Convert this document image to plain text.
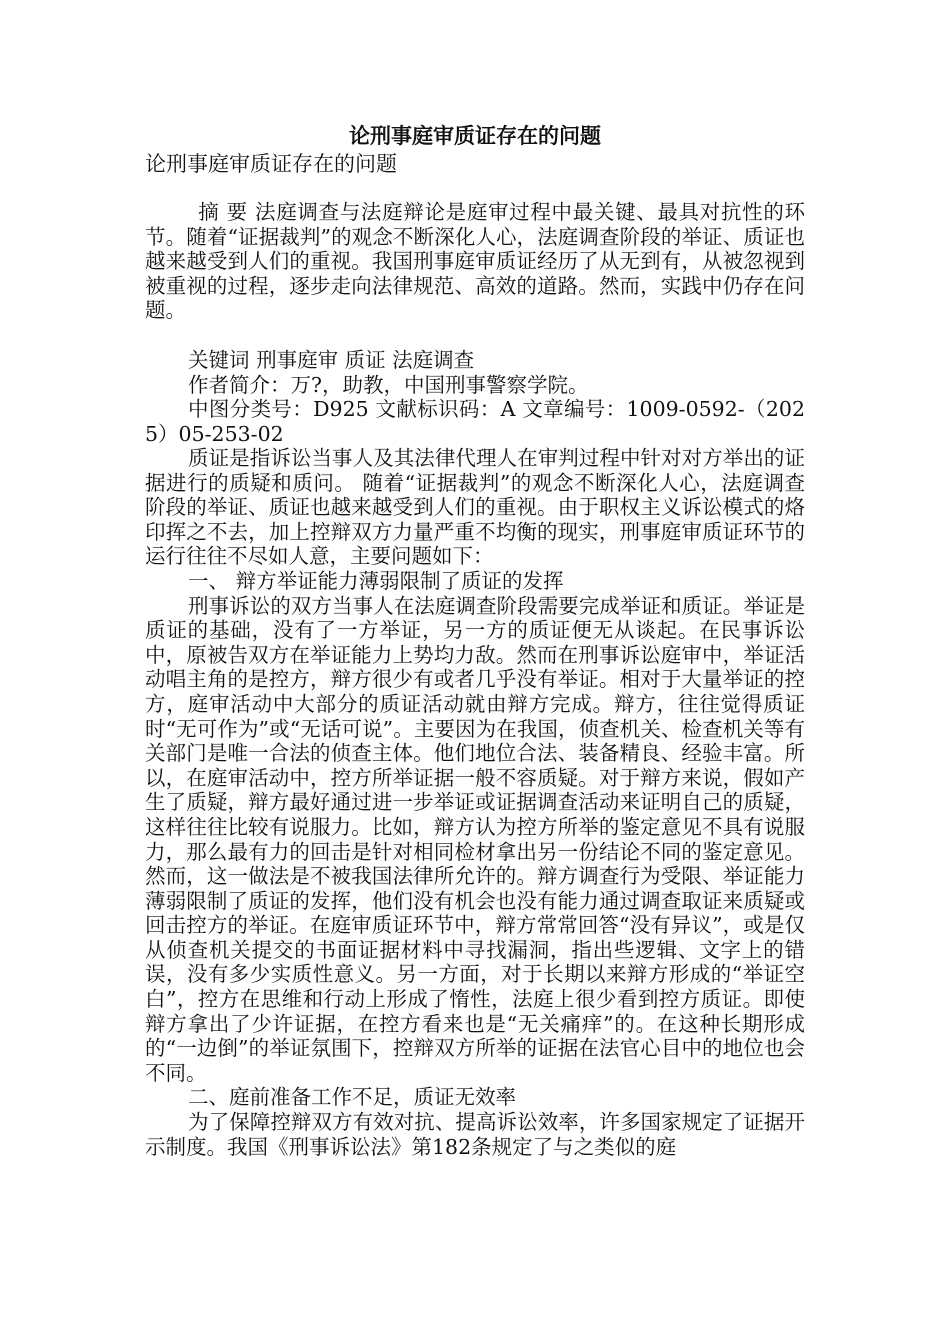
论刑事庭审质证存在的问题
论刑事庭审质证存在的问题
摘 要 法庭调查与法庭辩论是庭审过程中最关键、最具对抗性的环节。随着“证据裁判”的观念不断深化人心，法庭调查阶段的举证、质证也越来越受到人们的重视。我国刑事庭审质证经历了从无到有，从被忽视到被重视的过程，逐步走向法律规范、高效的道路。然而，实践中仍存在问题。

关键词 刑事庭审 质证 法庭调查

作者简介：万?，助教，中国刑事警察学院。

中图分类号：D925 文献标识码：A 文章编号：1009-0592-（2025）05-253-02

质证是指诉讼当事人及其法律代理人在审判过程中针对对方举出的证据进行的质疑和质问。 随着“证据裁判”的观念不断深化人心，法庭调查阶段的举证、质证也越来越受到人们的重视。由于职权主义诉讼模式的烙印挥之不去，加上控辩双方力量严重不均衡的现实，刑事庭审质证环节的运行往往不尽如人意，主要问题如下：

一、 辩方举证能力薄弱限制了质证的发挥

刑事诉讼的双方当事人在法庭调查阶段需要完成举证和质证。举证是质证的基础，没有了一方举证，另一方的质证便无从谈起。在民事诉讼中，原被告双方在举证能力上势均力敌。然而在刑事诉讼庭审中，举证活动唱主角的是控方，辩方很少有或者几乎没有举证。相对于大量举证的控方，庭审活动中大部分的质证活动就由辩方完成。辩方，往往觉得质证时“无可作为”或“无话可说”。主要因为在我国，侦查机关、检查机关等有关部门是唯一合法的侦查主体。他们地位合法、装备精良、经验丰富。所以，在庭审活动中，控方所举证据一般不容质疑。对于辩方来说，假如产生了质疑，辩方最好通过进一步举证或证据调查活动来证明自己的质疑，这样往往比较有说服力。比如，辩方认为控方所举的鉴定意见不具有说服力，那么最有力的回击是针对相同检材拿出另一份结论不同的鉴定意见。然而，这一做法是不被我国法律所允许的。辩方调查行为受限、举证能力薄弱限制了质证的发挥，他们没有机会也没有能力通过调查取证来质疑或回击控方的举证。在庭审质证环节中，辩方常常回答“没有异议”，或是仅从侦查机关提交的书面证据材料中寻找漏洞，指出些逻辑、文字上的错误，没有多少实质性意义。另一方面，对于长期以来辩方形成的“举证空白”，控方在思维和行动上形成了惰性，法庭上很少看到控方质证。即使辩方拿出了少许证据，在控方看来也是“无关痛痒”的。在这种长期形成的“一边倒”的举证氛围下，控辩双方所举的证据在法官心目中的地位也会不同。

二、庭前准备工作不足，质证无效率

为了保障控辩双方有效对抗、提高诉讼效率，许多国家规定了证据开示制度。我国《刑事诉讼法》第182条规定了与之类似的庭
